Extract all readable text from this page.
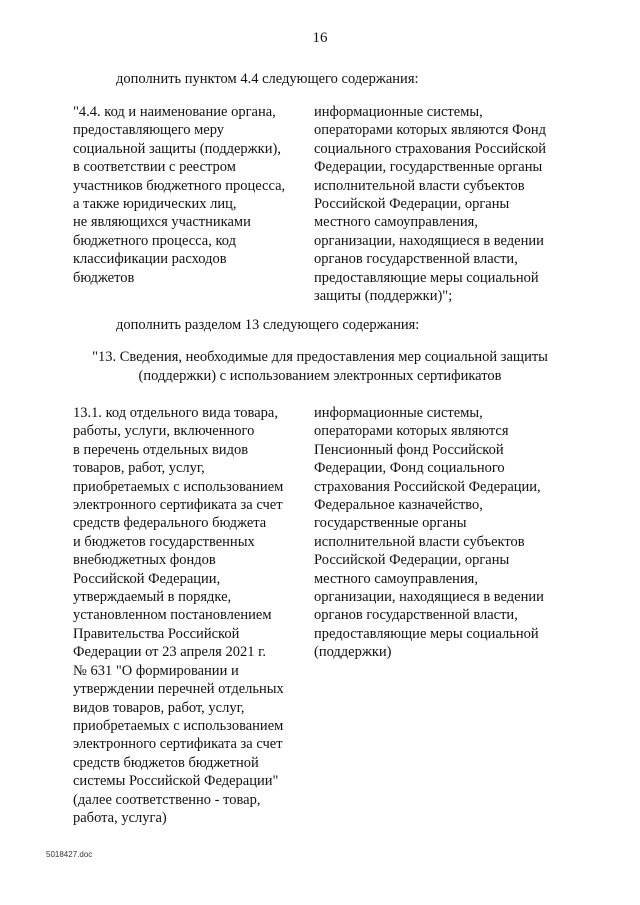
16
дополнить пунктом 4.4 следующего содержания:
"4.4. код и наименование органа,
предоставляющего меру
социальной защиты (поддержки),
в соответствии с реестром
участников бюджетного процесса,
а также юридических лиц,
не являющихся участниками
бюджетного процесса, код
классификации расходов
бюджетов
информационные системы,
операторами которых являются Фонд
социального страхования Российской
Федерации, государственные органы
исполнительной власти субъектов
Российской Федерации, органы
местного самоуправления,
организации, находящиеся в ведении
органов государственной власти,
предоставляющие меры социальной
защиты (поддержки)";
дополнить разделом 13 следующего содержания:
"13. Сведения, необходимые для предоставления мер социальной защиты
(поддержки) с использованием электронных сертификатов
13.1. код отдельного вида товара,
работы, услуги, включенного
в перечень отдельных видов
товаров, работ, услуг,
приобретаемых с использованием
электронного сертификата за счет
средств федерального бюджета
и бюджетов государственных
внебюджетных фондов
Российской Федерации,
утверждаемый в порядке,
установленном постановлением
Правительства Российской
Федерации от 23 апреля 2021 г.
№ 631 "О формировании и
утверждении перечней отдельных
видов товаров, работ, услуг,
приобретаемых с использованием
электронного сертификата за счет
средств бюджетов бюджетной
системы Российской Федерации"
(далее соответственно - товар,
работа, услуга)
информационные системы,
операторами которых являются
Пенсионный фонд Российской
Федерации, Фонд социального
страхования Российской Федерации,
Федеральное казначейство,
государственные органы
исполнительной власти субъектов
Российской Федерации, органы
местного самоуправления,
организации, находящиеся в ведении
органов государственной власти,
предоставляющие меры социальной
(поддержки)
5018427.doc
